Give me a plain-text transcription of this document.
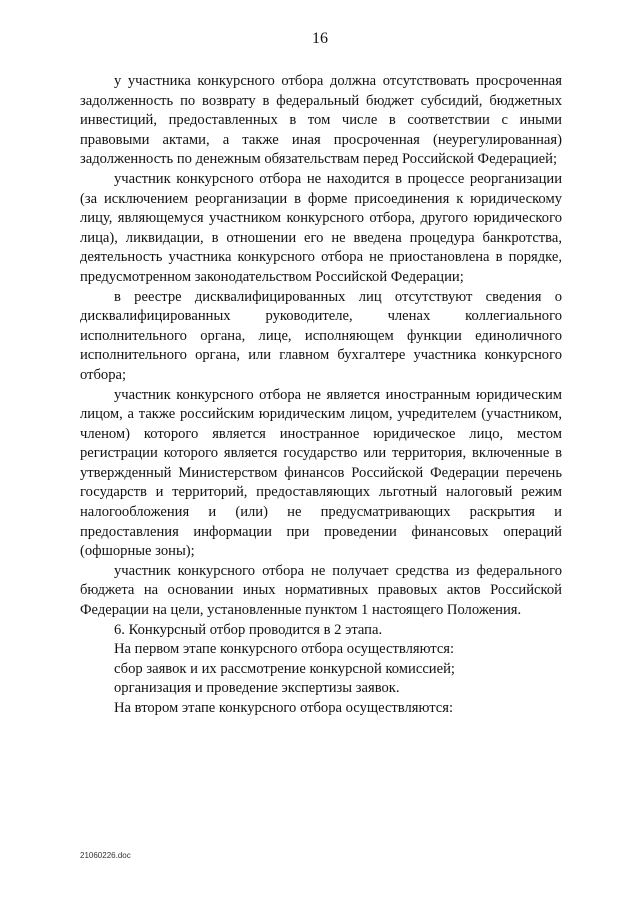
16

у участника конкурсного отбора должна отсутствовать просроченная задолженность по возврату в федеральный бюджет субсидий, бюджетных инвестиций, предоставленных в том числе в соответствии с иными правовыми актами, а также иная просроченная (неурегулированная) задолженность по денежным обязательствам перед Российской Федерацией;

участник конкурсного отбора не находится в процессе реорганизации (за исключением реорганизации в форме присоединения к юридическому лицу, являющемуся участником конкурсного отбора, другого юридического лица), ликвидации, в отношении его не введена процедура банкротства, деятельность участника конкурсного отбора не приостановлена в порядке, предусмотренном законодательством Российской Федерации;

в реестре дисквалифицированных лиц отсутствуют сведения о дисквалифицированных руководителе, членах коллегиального исполнительного органа, лице, исполняющем функции единоличного исполнительного органа, или главном бухгалтере участника конкурсного отбора;

участник конкурсного отбора не является иностранным юридическим лицом, а также российским юридическим лицом, учредителем (участником, членом) которого является иностранное юридическое лицо, местом регистрации которого является государство или территория, включенные в утвержденный Министерством финансов Российской Федерации перечень государств и территорий, предоставляющих льготный налоговый режим налогообложения и (или) не предусматривающих раскрытия и предоставления информации при проведении финансовых операций (офшорные зоны);

участник конкурсного отбора не получает средства из федерального бюджета на основании иных нормативных правовых актов Российской Федерации на цели, установленные пунктом 1 настоящего Положения.

6. Конкурсный отбор проводится в 2 этапа.

На первом этапе конкурсного отбора осуществляются:

сбор заявок и их рассмотрение конкурсной комиссией;

организация и проведение экспертизы заявок.

На втором этапе конкурсного отбора осуществляются:

21060226.doc
